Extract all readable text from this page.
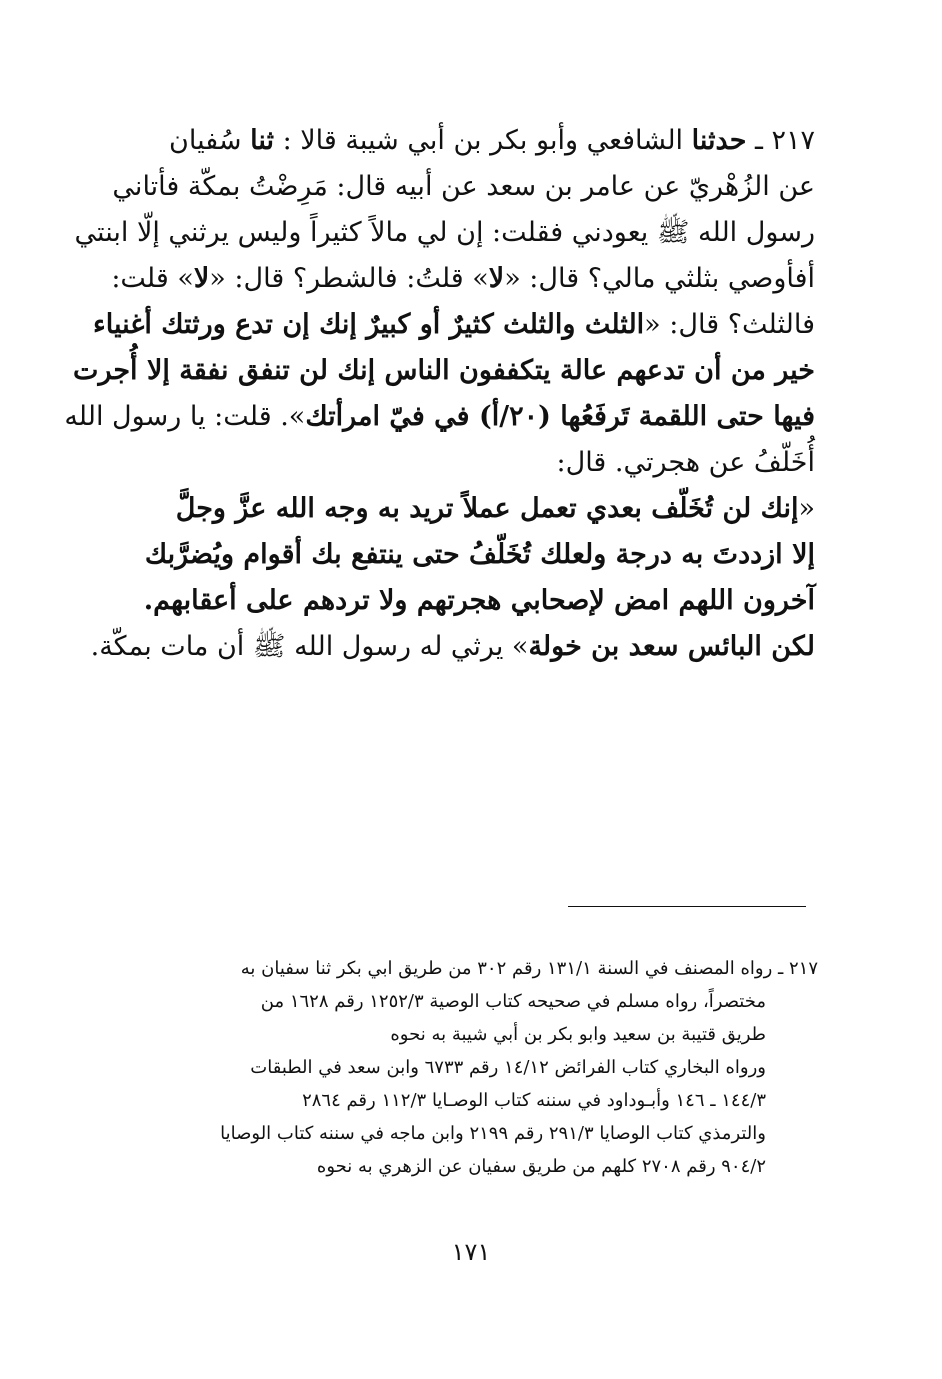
٢١٧ ـ حدثنا الشافعي وأبو بكر بن أبي شيبة قالا : ثنا سُفيان
عن الزُهْريّ عن عامر بن سعد عن أبيه قال: مَرِضْتُ بمكّة فأتاني
رسول الله ﷺ يعودني فقلت: إن لي مالاً كثيراً وليس يرثني إلّا ابنتي
أفأوصي بثلثي مالي؟ قال: «لا» قلتُ: فالشطر؟ قال: «لا» قلت:
فالثلث؟ قال: «الثلث والثلث كثيرٌ أو كبيرٌ إنك إن تدع ورثتك أغنياء
خير من أن تدعهم عالة يتكففون الناس إنك لن تنفق نفقة إلا أُجرت
فيها حتى اللقمة تَرفَعُها (٢٠/أ) في فيّ امرأتك». قلت: يا رسول الله
أُخَلّفُ عن هجرتي. قال:
«إنك لن تُخَلّف بعدي تعمل عملاً تريد به وجه الله عزَّ وجلَّ
إلا ازددتَ به درجة ولعلك تُخَلّفُ حتى ينتفع بك أقوام ويُضرَّبك
آخرون اللهم امض لإصحابي هجرتهم ولا تردهم على أعقابهم.
لكن البائس سعد بن خولة» يرثي له رسول الله ﷺ أن مات بمكّة.
٢١٧ ـ رواه المصنف في السنة ١٣١/١ رقم ٣٠٢ من طريق ابي بكر ثنا سفيان به
مختصراً، رواه مسلم في صحيحه كتاب الوصية ١٢٥٢/٣ رقم ١٦٢٨ من
طريق قتيبة بن سعيد وابو بكر بن أبي شيبة به نحوه
ورواه البخاري كتاب الفرائض ١٤/١٢ رقم ٦٧٣٣ وابن سعد في الطبقات
١٤٤/٣ ـ ١٤٦ وأبـوداود في سننه كتاب الوصـايا ١١٢/٣ رقم ٢٨٦٤
والترمذي كتاب الوصايا ٢٩١/٣ رقم ٢١٩٩ وابن ماجه في سننه كتاب الوصايا
٩٠٤/٢ رقم ٢٧٠٨ كلهم من طريق سفيان عن الزهري به نحوه
١٧١
